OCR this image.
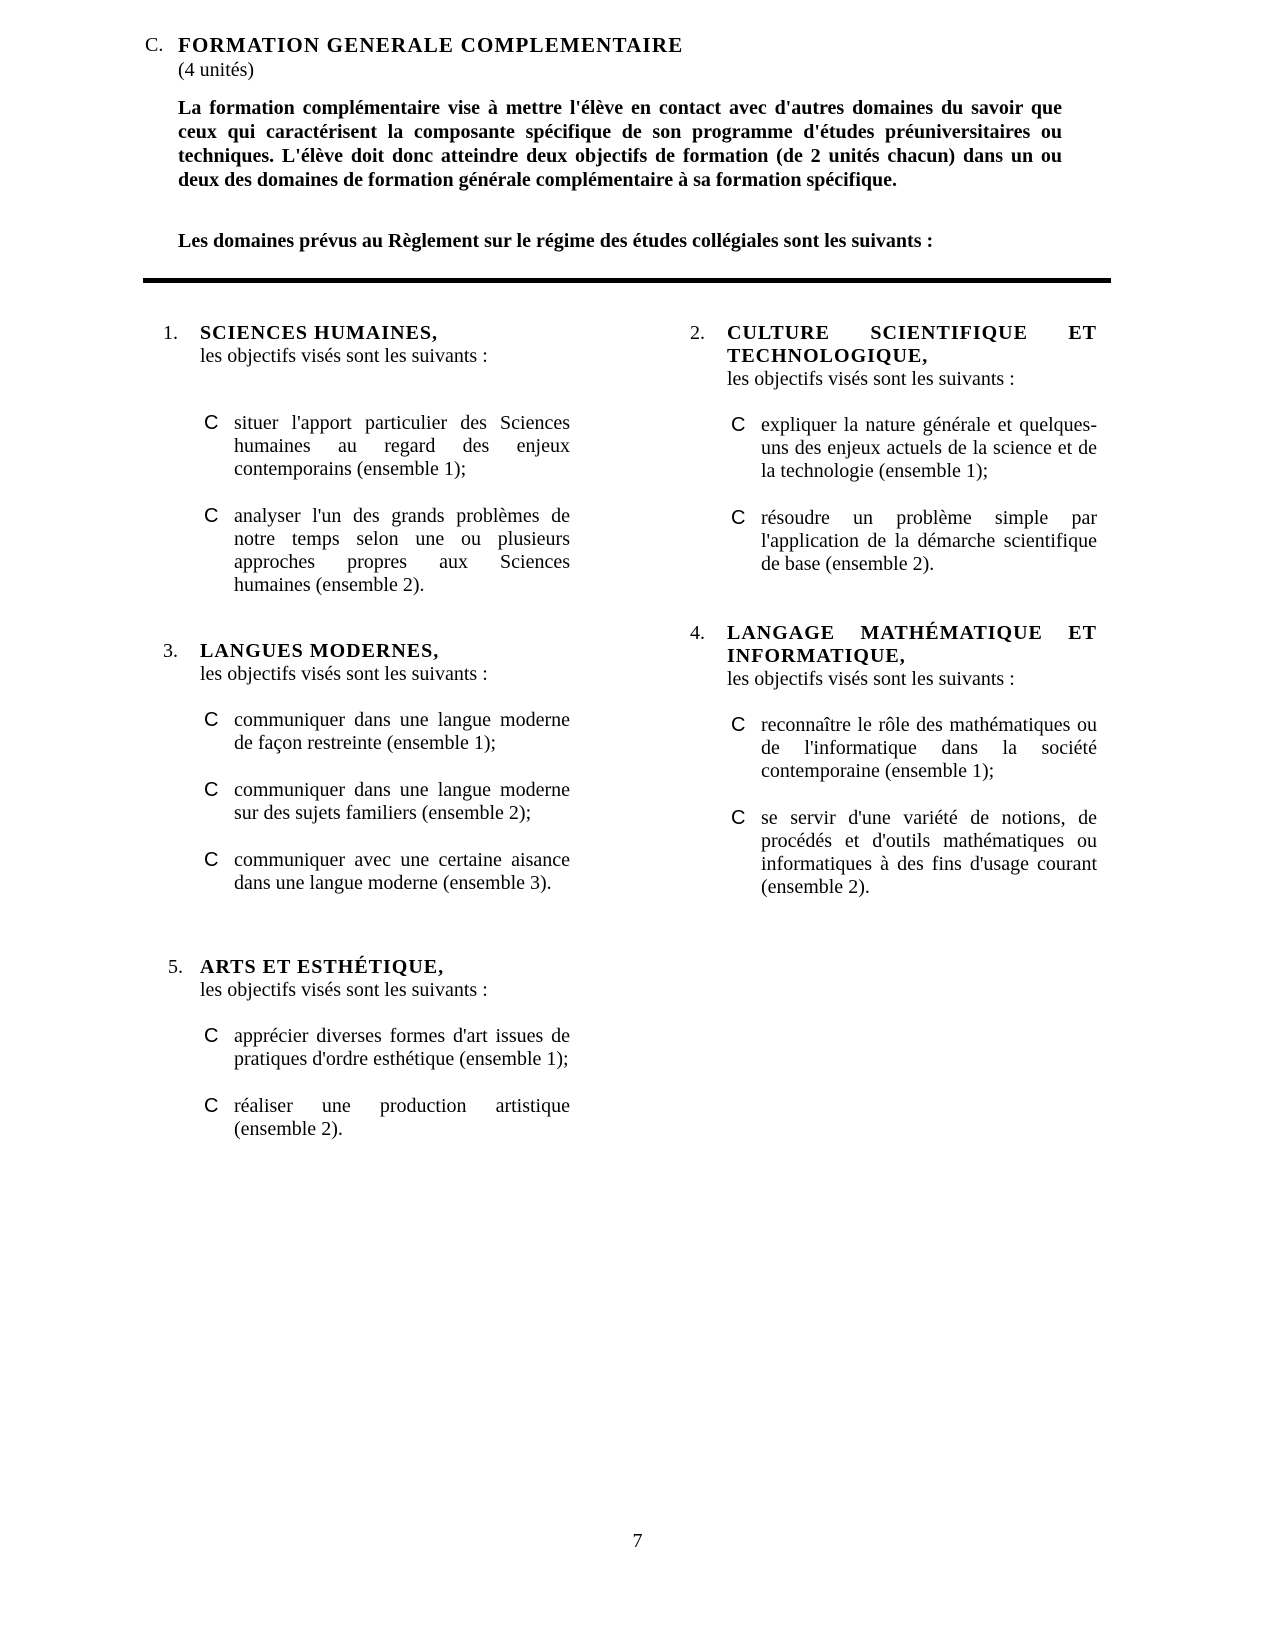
C. FORMATION GENERALE COMPLEMENTAIRE
(4 unités)

La formation complémentaire vise à mettre l'élève en contact avec d'autres domaines du savoir que ceux qui caractérisent la composante spécifique de son programme d'études préuniversitaires ou techniques. L'élève doit donc atteindre deux objectifs de formation (de 2 unités chacun) dans un ou deux des domaines de formation générale complémentaire à sa formation spécifique.

Les domaines prévus au Règlement sur le régime des études collégiales sont les suivants :

1.	SCIENCES HUMAINES,
les objectifs visés sont les suivants :
C situer l'apport particulier des Sciences humaines au regard des enjeux contemporains (ensemble 1);
C analyser l'un des grands problèmes de notre temps selon une ou plusieurs approches propres aux Sciences humaines (ensemble 2).
3.	LANGUES MODERNES,
les objectifs visés sont les suivants :
C communiquer dans une langue moderne de façon restreinte (ensemble 1);
C communiquer dans une langue moderne sur des sujets familiers (ensemble 2);
C communiquer avec une certaine aisance dans une langue moderne (ensemble 3).
5. ARTS ET ESTHÉTIQUE,
les objectifs visés sont les suivants :
C apprécier diverses formes d'art issues de pratiques d'ordre esthétique (ensemble 1);
C réaliser une production artistique (ensemble 2).
2.	CULTURE SCIENTIFIQUE ET TECHNOLOGIQUE,
les objectifs visés sont les suivants :
C expliquer la nature générale et quelques-uns des enjeux actuels de la science et de la technologie (ensemble 1);
C résoudre un problème simple par l'application de la démarche scientifique de base (ensemble 2).
4.	LANGAGE MATHÉMATIQUE ET INFORMATIQUE,
les objectifs visés sont les suivants :
C reconnaître le rôle des mathématiques ou de l'informatique dans la société contemporaine (ensemble 1);
C se servir d'une variété de notions, de procédés et d'outils mathématiques ou informatiques à des fins d'usage courant (ensemble 2).
7
